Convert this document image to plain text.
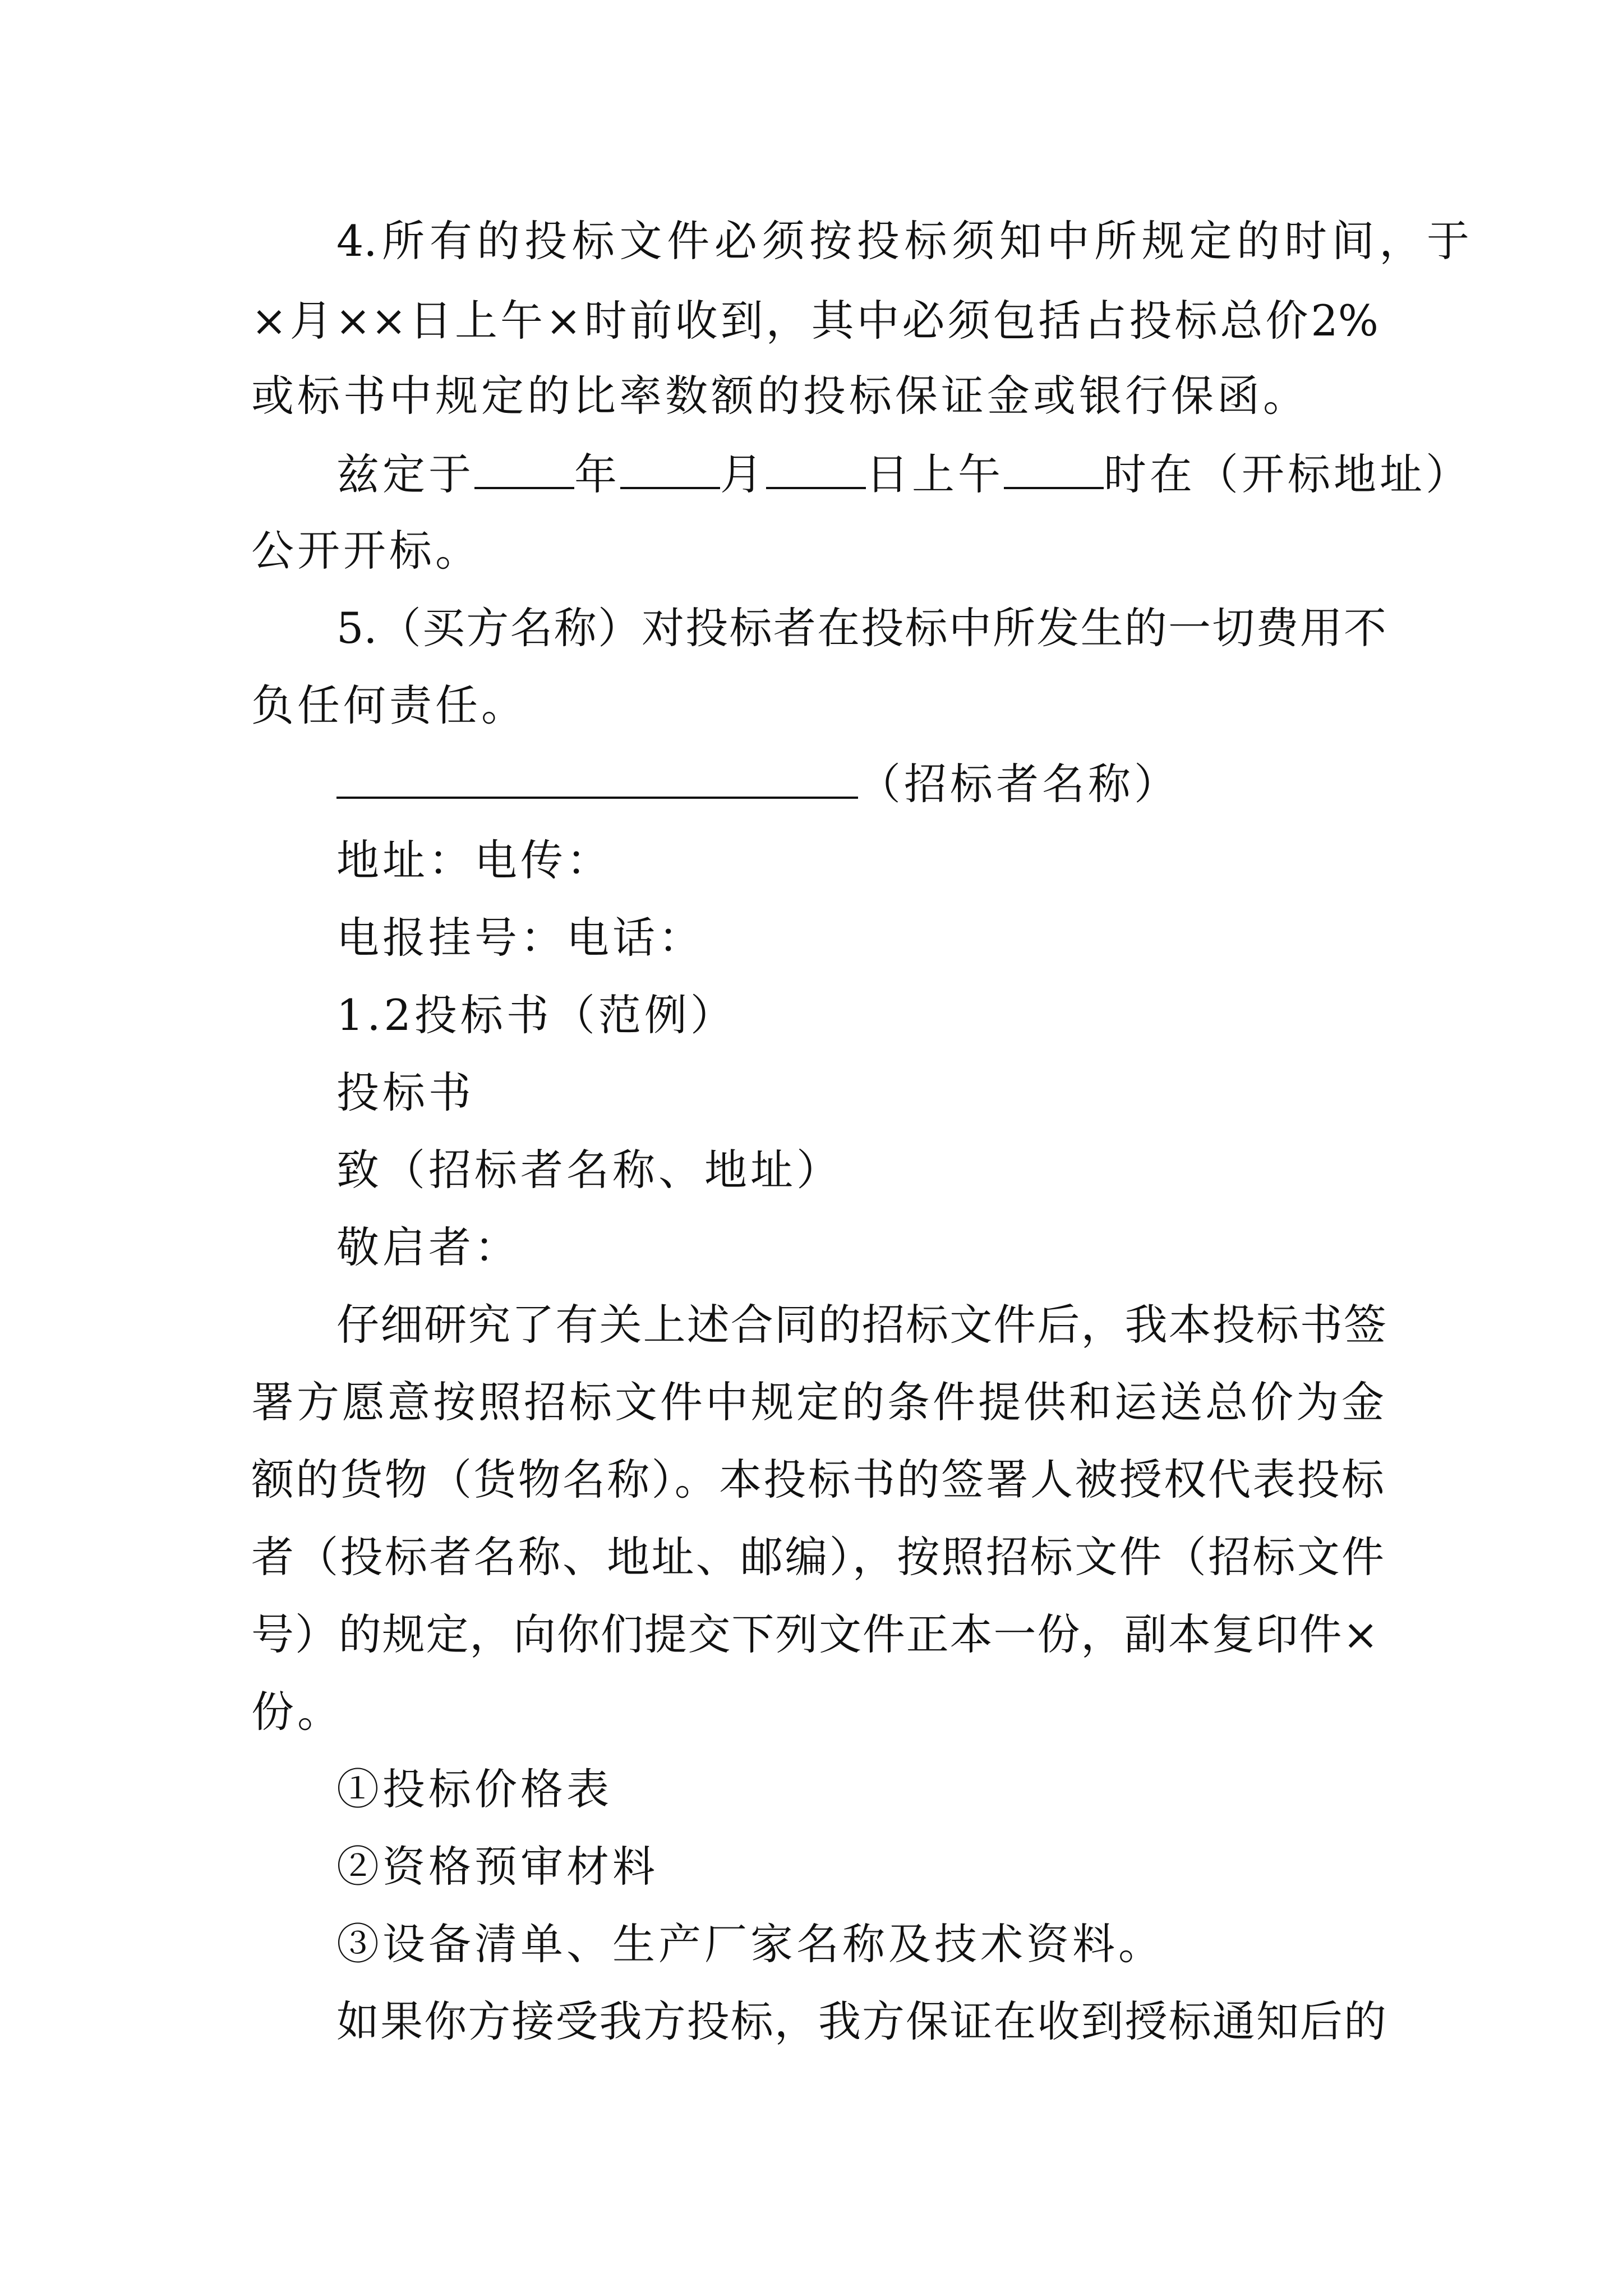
4.所有的投标文件必须按投标须知中所规定的时间，于
×月××日上午×时前收到，其中必须包括占投标总价2%
或标书中规定的比率数额的投标保证金或银行保函。
兹定于 年 月 日上午 时在（开标地址）
公开开标。
5.（买方名称）对投标者在投标中所发生的一切费用不
负任何责任。
（招标者名称）
地址：电传：
电报挂号：电话：
1.2投标书（范例）
投标书
致（招标者名称、地址）
敬启者：
仔细研究了有关上述合同的招标文件后，我本投标书签
署方愿意按照招标文件中规定的条件提供和运送总价为金
额的货物（货物名称）。本投标书的签署人被授权代表投标
者（投标者名称、地址、邮编），按照招标文件（招标文件
号）的规定，向你们提交下列文件正本一份，副本复印件×
份。
①投标价格表
②资格预审材料
③设备清单、生产厂家名称及技术资料。
如果你方接受我方投标，我方保证在收到授标通知后的
